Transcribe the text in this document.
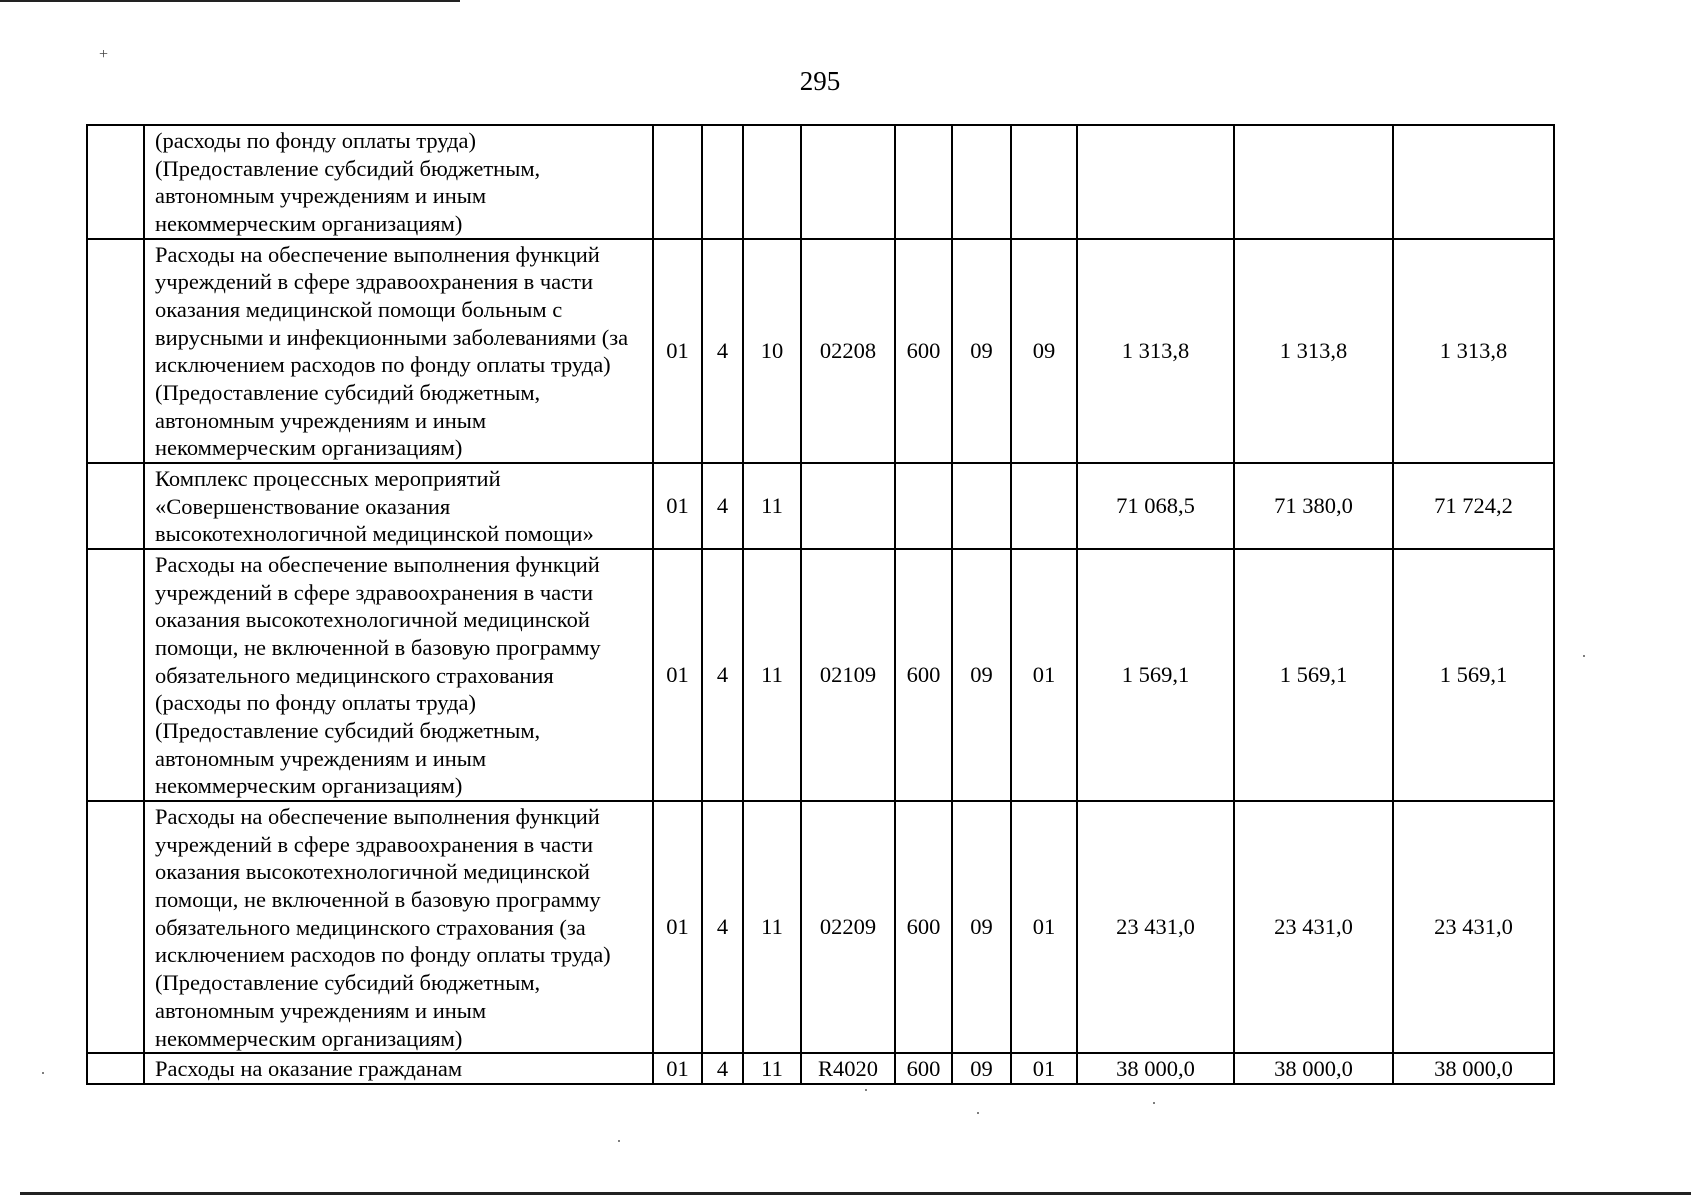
+
295
	(расходы по фонду оплаты труда) (Предоставление субсидий бюджетным, автономным учреждениям и иным некоммерческим организациям)										
	Расходы на обеспечение выполнения функций учреждений в сфере здравоохранения в части оказания медицинской помощи больным с вирусными и инфекционными заболеваниями (за исключением расходов по фонду оплаты труда) (Предоставление субсидий бюджетным, автономным учреждениям и иным некоммерческим организациям)	01	4	10	02208	600	09	09	1 313,8	1 313,8	1 313,8
	Комплекс процессных мероприятий «Совершенствование оказания высокотехнологичной медицинской помощи»	01	4	11					71 068,5	71 380,0	71 724,2
	Расходы на обеспечение выполнения функций учреждений в сфере здравоохранения в части оказания высокотехнологичной медицинской помощи, не включенной в базовую программу обязательного медицинского страхования (расходы по фонду оплаты труда) (Предоставление субсидий бюджетным, автономным учреждениям и иным некоммерческим организациям)	01	4	11	02109	600	09	01	1 569,1	1 569,1	1 569,1
	Расходы на обеспечение выполнения функций учреждений в сфере здравоохранения в части оказания высокотехнологичной медицинской помощи, не включенной в базовую программу обязательного медицинского страхования (за исключением расходов по фонду оплаты труда) (Предоставление субсидий бюджетным, автономным учреждениям и иным некоммерческим организациям)	01	4	11	02209	600	09	01	23 431,0	23 431,0	23 431,0
	Расходы на оказание гражданам	01	4	11	R4020	600	09	01	38 000,0	38 000,0	38 000,0
